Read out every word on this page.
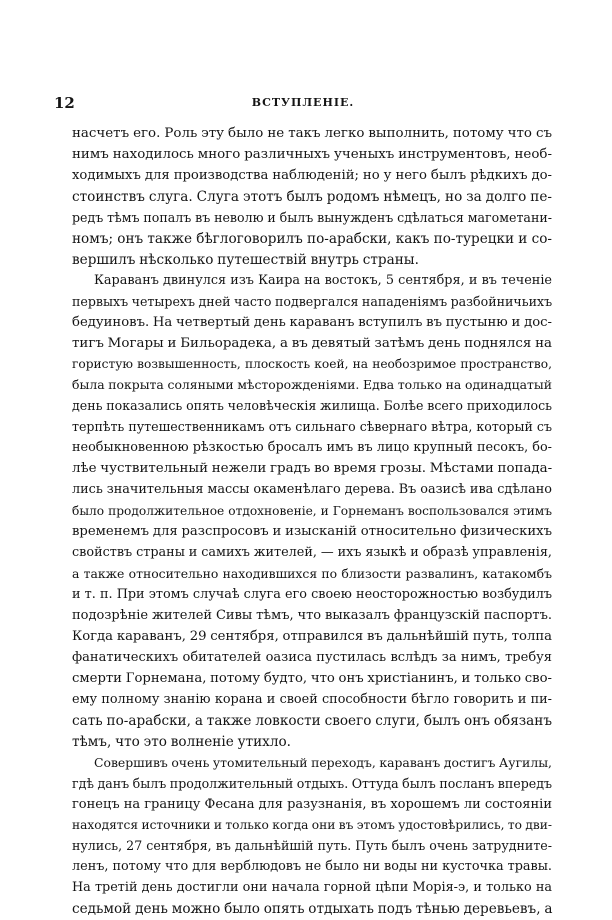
12	ВСТУПЛЕНІЕ.
насчетъ его. Роль эту было не такъ легко выполнить, потому что съ
нимъ находилось много различныхъ ученыхъ инструментовъ, необ-
ходимыхъ для производства наблюденій; но у него былъ рѣдкихъ до-
стоинствъ слуга. Слуга этотъ былъ родомъ нѣмецъ, но за долго пе-
редъ тѣмъ попалъ въ неволю и былъ вынужденъ сдѣлаться магометани-
номъ; онъ также бѣглоговорилъ по-арабски, какъ по-турецки и со-
вершилъ нѣсколько путешествій внутрь страны.
Караванъ двинулся изъ Каира на востокъ, 5 сентября, и въ теченіе
первыхъ четырехъ дней часто подвергался нападеніямъ разбойничьихъ
бедуиновъ. На четвертый день караванъ вступилъ въ пустыню и дос-
тигъ Могары и Бильорадека, а въ девятый затѣмъ день поднялся на
гористую возвышенность, плоскость коей, на необозримое пространство,
была покрыта соляными мѣсторожденіями. Едва только на одинадцатый
день показались опять человѣческія жилища. Болѣе всего приходилось
терпѣть путешественникамъ отъ сильнаго сѣвернаго вѣтра, который съ
необыкновенною рѣзкостью бросалъ имъ въ лицо крупный песокъ, бо-
лѣе чуствительный нежели градъ во время грозы. Мѣстами попада-
лись значительныя массы окаменѣлаго дерева. Въ оазисѣ ива сдѣлано
было продолжительное отдохновеніе, и Горнеманъ воспользовался этимъ
временемъ для разспросовъ и изысканій относительно физическихъ
свойствъ страны и самихъ жителей, — ихъ языкѣ и образѣ управленія,
а также относительно находившихся по близости развалинъ, катакомбъ
и т. п. При этомъ случаѣ слуга его своею неосторожностью возбудилъ
подозрѣніе жителей Сивы тѣмъ, что выказалъ французскій паспортъ.
Когда караванъ, 29 сентября, отправился въ дальнѣйшій путь, толпа
фанатическихъ обитателей оазиса пустилась вслѣдъ за нимъ, требуя
смерти Горнемана, потому будто, что онъ христіанинъ, и только сво-
ему полному знанію корана и своей способности бѣгло говорить и пи-
сать по-арабски, а также ловкости своего слуги, былъ онъ обязанъ
тѣмъ, что это волненіе утихло.
Совершивъ очень утомительный переходъ, караванъ достигъ Аугилы,
гдѣ данъ былъ продолжительный отдыхъ. Оттуда былъ посланъ впередъ
гонецъ на границу Фесана для разузнанія, въ хорошемъ ли состояніи
находятся источники и только когда они въ этомъ удостовѣрились, то дви-
нулись, 27 сентября, въ дальнѣйшій путь. Путь былъ очень затруднитe-
ленъ, потому что для верблюдовъ не было ни воды ни кусточка травы.
На третій день достигли они начала горной цѣпи Морія-э, и только на
седьмой день можно было опять отдыхать подъ тѣнью деревьевъ, а
